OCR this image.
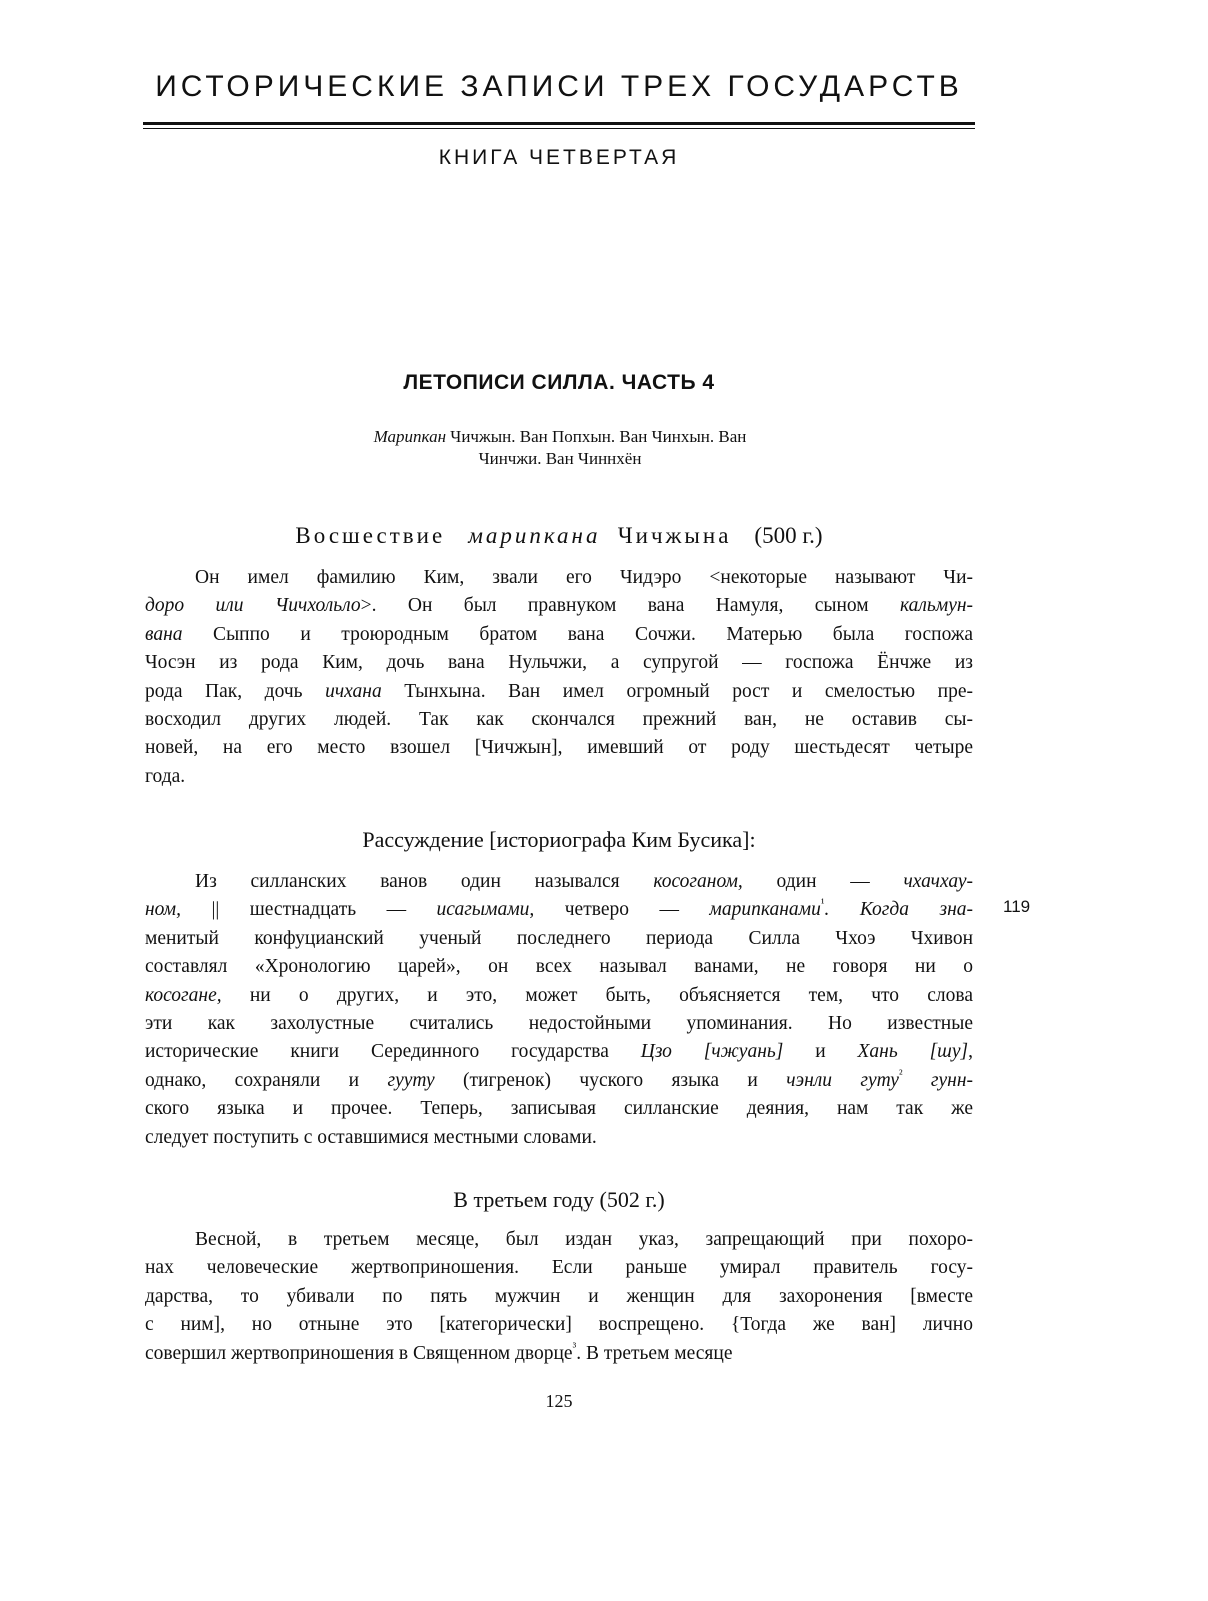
ИСТОРИЧЕСКИЕ ЗАПИСИ ТРЕХ ГОСУДАРСТВ
КНИГА ЧЕТВЕРТАЯ
ЛЕТОПИСИ СИЛЛА. ЧАСТЬ 4
Марипкан Чичжын. Ван Попхын. Ван Чинхын. Ван
Чинчжи. Ван Чиннхён
Восшествие марипкана Чичжына (500 г.)
Он имел фамилию Ким, звали его Чидэро <некоторые называют Чи-
доро или Чичхольло>. Он был правнуком вана Намуля, сыном кальмун-
вана Сыппо и троюродным братом вана Сочжи. Матерью была госпожа
Чосэн из рода Ким, дочь вана Нульчжи, а супругой — госпожа Ёнчже из
рода Пак, дочь ичхана Тынхына. Ван имел огромный рост и смелостью пре-
восходил других людей. Так как скончался прежний ван, не оставив сы-
новей, на его место взошел [Чичжын], имевший от роду шестьдесят четыре
года.
Рассуждение [историографа Ким Бусика]:
Из силланских ванов один назывался косоганом, один — чхачхау-
ном, || шестнадцать — исагымами, четверо — марипканами$^{^1}$. Когда зна-
менитый конфуцианский ученый последнего периода Силла Чхоэ Чхивон
составлял «Хронологию царей», он всех называл ванами, не говоря ни о
косогане, ни о других, и это, может быть, объясняется тем, что слова
эти как захолустные считались недостойными упоминания. Но известные
исторические книги Серединного государства Цзо [чжуань] и Хань [шу],
однако, сохраняли и гууту (тигренок) чуского языка и чэнли гуту$^{^2}$ гунн-
ского языка и прочее. Теперь, записывая силланские деяния, нам так же
следует поступить с оставшимися местными словами.
119
В третьем году (502 г.)
Весной, в третьем месяце, был издан указ, запрещающий при похоро-
нах человеческие жертвоприношения. Если раньше умирал правитель госу-
дарства, то убивали по пять мужчин и женщин для захоронения [вместе
с ним], но отныне это [категорически] воспрещено. {Тогда же ван] лично
совершил жертвоприношения в Священном дворце$^{^3}$. В третьем месяце
125
